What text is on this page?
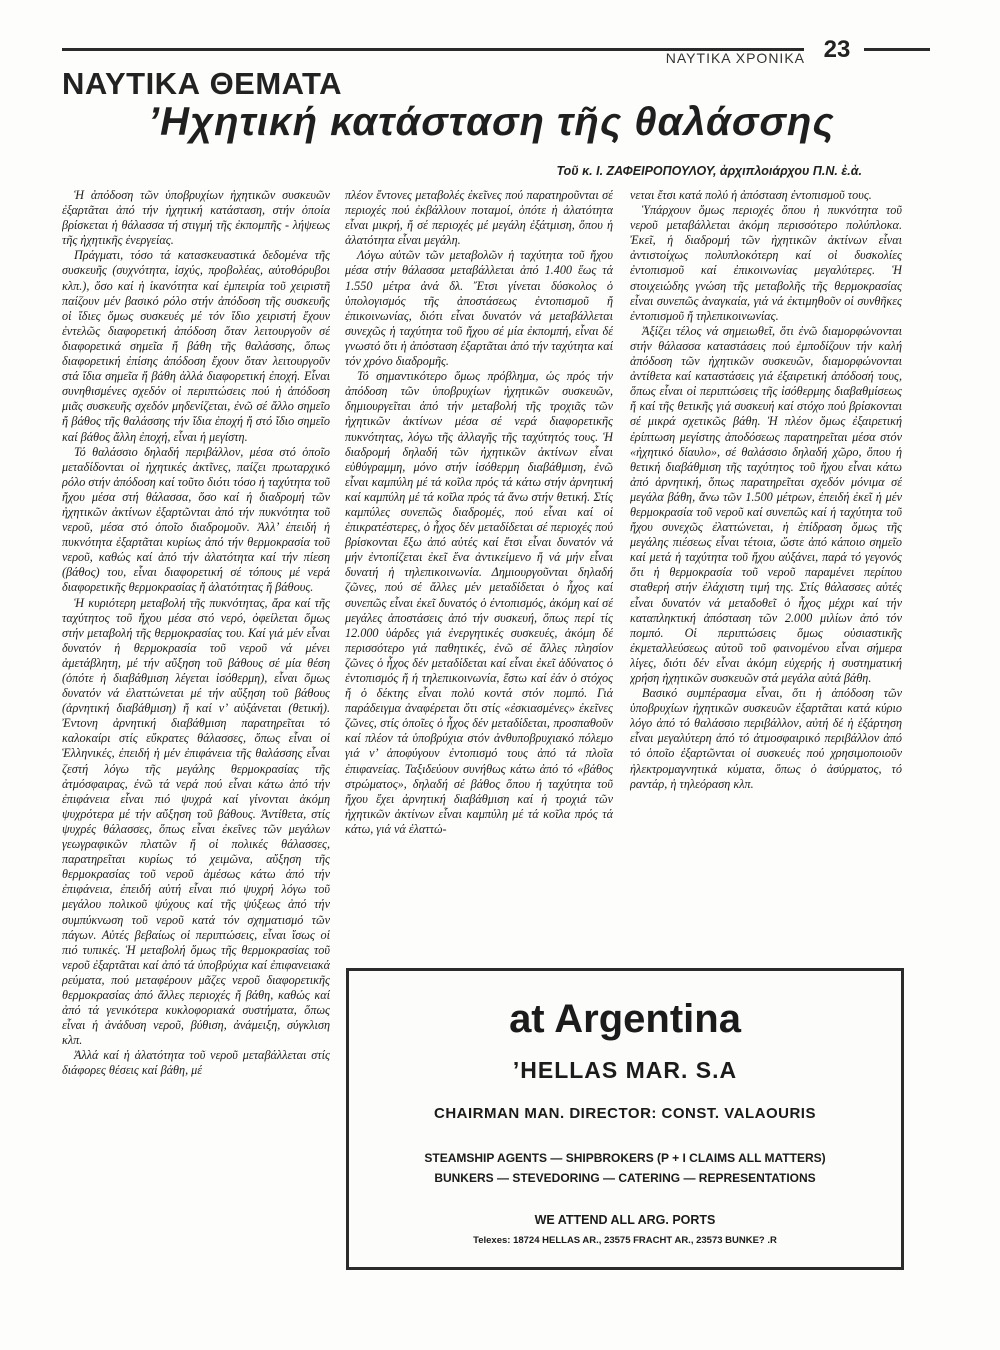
ΝΑΥΤΙΚΑ ΧΡΟΝΙΚΑ 23
ΝΑΥΤΙΚΑ ΘΕΜΑΤΑ
’Ηχητική κατάσταση τῆς θαλάσσης
Τοῦ κ. Ι. ΖΑΦΕΙΡΟΠΟΥΛΟΥ, ἀρχιπλοιάρχου Π.Ν. ἐ.ἀ.

Ἡ ἀπόδοση τῶν ὑποβρυχίων ἠχητικῶν συσκευῶν ἐξαρτᾶται ἀπό τήν ἠχητική κατάσταση, στήν ὁποία βρίσκεται ἡ θάλασσα τή στιγμή τῆς ἐκπομπῆς - λήψεως τῆς ἠχητικῆς ἐνεργείας.

Πράγματι, τόσο τά κατασκευαστικά δεδομένα τῆς συσκευῆς (συχνότητα, ἰσχύς, προβολέας, αὐτοθόρυβοι κλπ.), ὅσο καί ἡ ἱκανότητα καί ἐμπειρία τοῦ χειριστῆ παίζουν μέν βασικό ρόλο στήν ἀπόδοση τῆς συσκευῆς οἱ ἴδιες ὅμως συσκευές μέ τόν ἴδιο χειριστή ἔχουν ἐντελῶς διαφορετική ἀπόδοση ὅταν λειτουργοῦν σέ διαφορετικά σημεῖα ἤ βάθη τῆς θαλάσσης, ὅπως διαφορετική ἐπίσης ἀπόδοση ἔχουν ὅταν λειτουργοῦν στά ἴδια σημεῖα ἤ βάθη ἀλλά διαφορετική ἐποχή. Εἶναι συνηθισμένες σχεδόν οἱ περιπτώσεις πού ἡ ἀπόδοση μιᾶς συσκευῆς σχεδόν μηδενίζεται, ἐνῶ σέ ἄλλο σημεῖο ἤ βάθος τῆς θαλάσσης τήν ἴδια ἐποχή ἤ στό ἴδιο σημεῖο καί βάθος ἄλλη ἐποχή, εἶναι ἡ μεγίστη.

Τό θαλάσσιο δηλαδή περιβάλλον, μέσα στό ὁποῖο μεταδίδονται οἱ ἠχητικές ἀκτῖνες, παίζει πρωταρχικό ρόλο στήν ἀπόδοση καί τοῦτο διότι τόσο ἡ ταχύτητα τοῦ ἤχου μέσα στή θάλασσα, ὅσο καί ἡ διαδρομή τῶν ἠχητικῶν ἀκτίνων ἐξαρτῶνται ἀπό τήν πυκνότητα τοῦ νεροῦ, μέσα στό ὁποῖο διαδρομοῦν. Ἀλλ’ ἐπειδή ἡ πυκνότητα ἐξαρτᾶται κυρίως ἀπό τήν θερμοκρασία τοῦ νεροῦ, καθώς καί ἀπό τήν ἁλατότητα καί τήν πίεση (βάθος) του, εἶναι διαφορετική σέ τόπους μέ νερά διαφορετικῆς θερμοκρασίας ἤ ἁλατότητας ἤ βάθους.

Ἡ κυριότερη μεταβολή τῆς πυκνότητας, ἄρα καί τῆς ταχύτητος τοῦ ἤχου μέσα στό νερό, ὀφείλεται ὅμως στήν μεταβολή τῆς θερμοκρασίας του. Καί γιά μέν εἶναι δυνατόν ἡ θερμοκρασία τοῦ νεροῦ νά μένει ἀμετάβλητη, μέ τήν αὔξηση τοῦ βάθους σέ μία θέση (ὁπότε ἡ διαβάθμιση λέγεται ἰσόθερμη), εἶναι ὅμως δυνατόν νά ἐλαττώνεται μέ τήν αὔξηση τοῦ βάθους (ἀρνητική διαβάθμιση) ἤ καί ν’ αὐξάνεται (θετική). Ἐντονη ἀρνητική διαβάθμιση παρατηρεῖται τό καλοκαίρι στίς εὔκρατες θάλασσες, ὅπως εἶναι οἱ Ἑλληνικές, ἐπειδή ἡ μέν ἐπιφάνεια τῆς θαλάσσης εἶναι ζεστή λόγω τῆς μεγάλης θερμοκρασίας τῆς ἀτμόσφαιρας, ἐνῶ τά νερά πού εἶναι κάτω ἀπό τήν ἐπιφάνεια εἶναι πιό ψυχρά καί γίνονται ἀκόμη ψυχρότερα μέ τήν αὔξηση τοῦ βάθους. Ἀντίθετα, στίς ψυχρές θάλασσες, ὅπως εἶναι ἐκεῖνες τῶν μεγάλων γεωγραφικῶν πλατῶν ἤ οἱ πολικές θάλασσες, παρατηρεῖται κυρίως τό χειμῶνα, αὔξηση τῆς θερμοκρασίας τοῦ νεροῦ ἀμέσως κάτω ἀπό τήν ἐπιφάνεια, ἐπειδή αὐτή εἶναι πιό ψυχρή λόγω τοῦ μεγάλου πολικοῦ ψύχους καί τῆς ψύξεως ἀπό τήν συμπύκνωση τοῦ νεροῦ κατά τόν σχηματισμό τῶν πάγων. Αὐτές βεβαίως οἱ περιπτώσεις, εἶναι ἴσως οἱ πιό τυπικές. Ἡ μεταβολή ὅμως τῆς θερμοκρασίας τοῦ νεροῦ ἐξαρτᾶται καί ἀπό τά ὑποβρύχια καί ἐπιφανειακά ρεύματα, πού μεταφέρουν μᾶζες νεροῦ διαφορετικῆς θερμοκρασίας ἀπό ἄλλες περιοχές ἤ βάθη, καθώς καί ἀπό τά γενικότερα κυκλοφοριακά συστήματα, ὅπως εἶναι ἡ ἀνάδυση νεροῦ, βύθιση, ἀνάμειξη, σύγκλιση κλπ.

Ἀλλά καί ἡ ἁλατότητα τοῦ νεροῦ μεταβάλλεται στίς διάφορες θέσεις καί βάθη, μέ

πλέον ἔντονες μεταβολές ἐκεῖνες πού παρατηροῦνται σέ περιοχές πού ἐκβάλλουν ποταμοί, ὁπότε ἡ ἁλατότητα εἶναι μικρή, ἤ σέ περιοχές μέ μεγάλη ἐξάτμιση, ὅπου ἡ ἁλατότητα εἶναι μεγάλη.

Λόγω αὐτῶν τῶν μεταβολῶν ἡ ταχύτητα τοῦ ἤχου μέσα στήν θάλασσα μεταβάλλεται ἀπό 1.400 ἕως τά 1.550 μέτρα ἀνά δλ. Ἔτσι γίνεται δύσκολος ὁ ὑπολογισμός τῆς ἀποστάσεως ἐντοπισμοῦ ἤ ἐπικοινωνίας, διότι εἶναι δυνατόν νά μεταβάλλεται συνεχῶς ἡ ταχύτητα τοῦ ἤχου σέ μία ἐκπομπή, εἶναι δέ γνωστό ὅτι ἡ ἀπόσταση ἐξαρτᾶται ἀπό τήν ταχύτητα καί τόν χρόνο διαδρομῆς.

Τό σημαντικότερο ὅμως πρόβλημα, ὡς πρός τήν ἀπόδοση τῶν ὑποβρυχίων ἠχητικῶν συσκευῶν, δημιουργεῖται ἀπό τήν μεταβολή τῆς τροχιᾶς τῶν ἠχητικῶν ἀκτίνων μέσα σέ νερά διαφορετικῆς πυκνότητας, λόγω τῆς ἀλλαγῆς τῆς ταχύτητός τους. Ἡ διαδρομή δηλαδή τῶν ἠχητικῶν ἀκτίνων εἶναι εὐθύγραμμη, μόνο στήν ἰσόθερμη διαβάθμιση, ἐνῶ εἶναι καμπύλη μέ τά κοῖλα πρός τά κάτω στήν ἀρνητική καί καμπύλη μέ τά κοῖλα πρός τά ἄνω στήν θετική. Στίς καμπύλες συνεπῶς διαδρομές, πού εἶναι καί οἱ ἐπικρατέστερες, ὁ ἦχος δέν μεταδίδεται σέ περιοχές πού βρίσκονται ἔξω ἀπό αὐτές καί ἔτσι εἶναι δυνατόν νά μήν ἐντοπίζεται ἐκεῖ ἕνα ἀντικείμενο ἤ νά μήν εἶναι δυνατή ἡ τηλεπικοινωνία. Δημιουργοῦνται δηλαδή ζῶνες, πού σέ ἄλλες μέν μεταδίδεται ὁ ἦχος καί συνεπῶς εἶναι ἐκεῖ δυνατός ὁ ἐντοπισμός, ἀκόμη καί σέ μεγάλες ἀποστάσεις ἀπό τήν συσκευή, ὅπως περί τίς 12.000 ὑάρδες γιά ἐνεργητικές συσκευές, ἀκόμη δέ περισσότερο γιά παθητικές, ἐνῶ σέ ἄλλες πλησίον ζῶνες ὁ ἦχος δέν μεταδίδεται καί εἶναι ἐκεῖ ἀδύνατος ὁ ἐντοπισμός ἤ ἡ τηλεπικοινωνία, ἔστω καί ἐάν ὁ στόχος ἤ ὁ δέκτης εἶναι πολύ κοντά στόν πομπό. Γιά παράδειγμα ἀναφέρεται ὅτι στίς «ἐσκιασμένες» ἐκεῖνες ζῶνες, στίς ὁποῖες ὁ ἦχος δέν μεταδίδεται, προσπαθοῦν καί πλέον τά ὑποβρύχια στόν ἀνθυποβρυχιακό πόλεμο γιά ν’ ἀποφύγουν ἐντοπισμό τους ἀπό τά πλοῖα ἐπιφανείας. Ταξιδεύουν συνήθως κάτω ἀπό τό «βάθος στρώματος», δηλαδή σέ βάθος ὅπου ἡ ταχύτητα τοῦ ἤχου ἔχει ἀρνητική διαβάθμιση καί ἡ τροχιά τῶν ἠχητικῶν ἀκτίνων εἶναι καμπύλη μέ τά κοῖλα πρός τά κάτω, γιά νά ἐλαττώ-

νεται ἔτσι κατά πολύ ἡ ἀπόσταση ἐντοπισμοῦ τους.

Ὑπάρχουν ὅμως περιοχές ὅπου ἡ πυκνότητα τοῦ νεροῦ μεταβάλλεται ἀκόμη περισσότερο πολύπλοκα. Ἐκεῖ, ἡ διαδρομή τῶν ἠχητικῶν ἀκτίνων εἶναι ἀντιστοίχως πολυπλοκότερη καί οἱ δυσκολίες ἐντοπισμοῦ καί ἐπικοινωνίας μεγαλύτερες. Ἡ στοιχειώδης γνώση τῆς μεταβολῆς τῆς θερμοκρασίας εἶναι συνεπῶς ἀναγκαία, γιά νά ἐκτιμηθοῦν οἱ συνθῆκες ἐντοπισμοῦ ἤ τηλεπικοινωνίας.

Ἀξίζει τέλος νά σημειωθεῖ, ὅτι ἐνῶ διαμορφώνονται στήν θάλασσα καταστάσεις πού ἐμποδίζουν τήν καλή ἀπόδοση τῶν ἠχητικῶν συσκευῶν, διαμορφώνονται ἀντίθετα καί καταστάσεις γιά ἐξαιρετική ἀπόδοσή τους, ὅπως εἶναι οἱ περιπτώσεις τῆς ἰσόθερμης διαβαθμίσεως ἤ καί τῆς θετικῆς γιά συσκευή καί στόχο πού βρίσκονται σέ μικρά σχετικῶς βάθη. Ἡ πλέον ὅμως ἐξαιρετική ἐρίπτωση μεγίστης ἀποδόσεως παρατηρεῖται μέσα στόν «ἠχητικό δίαυλο», σέ θαλάσσιο δηλαδή χῶρο, ὅπου ἡ θετική διαβάθμιση τῆς ταχύτητος τοῦ ἤχου εἶναι κάτω ἀπό ἀρνητική, ὅπως παρατηρεῖται σχεδόν μόνιμα σέ μεγάλα βάθη, ἄνω τῶν 1.500 μέτρων, ἐπειδή ἐκεῖ ἡ μέν θερμοκρασία τοῦ νεροῦ καί συνεπῶς καί ἡ ταχύτητα τοῦ ἤχου συνεχῶς ἐλαττώνεται, ἡ ἐπίδραση ὅμως τῆς μεγάλης πιέσεως εἶναι τέτοια, ὥστε ἀπό κάποιο σημεῖο καί μετά ἡ ταχύτητα τοῦ ἤχου αὐξάνει, παρά τό γεγονός ὅτι ἡ θερμοκρασία τοῦ νεροῦ παραμένει περίπου σταθερή στήν ἐλάχιστη τιμή της. Στίς θάλασσες αὐτές εἶναι δυνατόν νά μεταδοθεῖ ὁ ἦχος μέχρι καί τήν καταπληκτική ἀπόσταση τῶν 2.000 μιλίων ἀπό τόν πομπό. Οἱ περιπτώσεις ὅμως οὐσιαστικῆς ἐκμεταλλεύσεως αὐτοῦ τοῦ φαινομένου εἶναι σήμερα λίγες, διότι δέν εἶναι ἀκόμη εὐχερής ἡ συστηματική χρήση ἠχητικῶν συσκευῶν στά μεγάλα αὐτά βάθη.

Βασικό συμπέρασμα εἶναι, ὅτι ἡ ἀπόδοση τῶν ὑποβρυχίων ἠχητικῶν συσκευῶν ἐξαρτᾶται κατά κύριο λόγο ἀπό τό θαλάσσιο περιβάλλον, αὐτή δέ ἡ ἐξάρτηση εἶναι μεγαλύτερη ἀπό τό ἀτμοσφαιρικό περιβάλλον ἀπό τό ὁποῖο ἐξαρτῶνται οἱ συσκευές πού χρησιμοποιοῦν ἠλεκτρομαγνητικά κύματα, ὅπως ὁ ἀσύρματος, τό ραντάρ, ἡ τηλεόραση κλπ.

at Argentina
’HELLAS MAR. S.A
CHAIRMAN MAN. DIRECTOR: CONST. VALAOURIS
STEAMSHIP AGENTS — SHIPBROKERS (P + I CLAIMS ALL MATTERS)
BUNKERS — STEVEDORING — CATERING — REPRESENTATIONS
WE ATTEND ALL ARG. PORTS
Telexes: 18724 HELLAS AR., 23575 FRACHT AR., 23573 BUNKE? .R
